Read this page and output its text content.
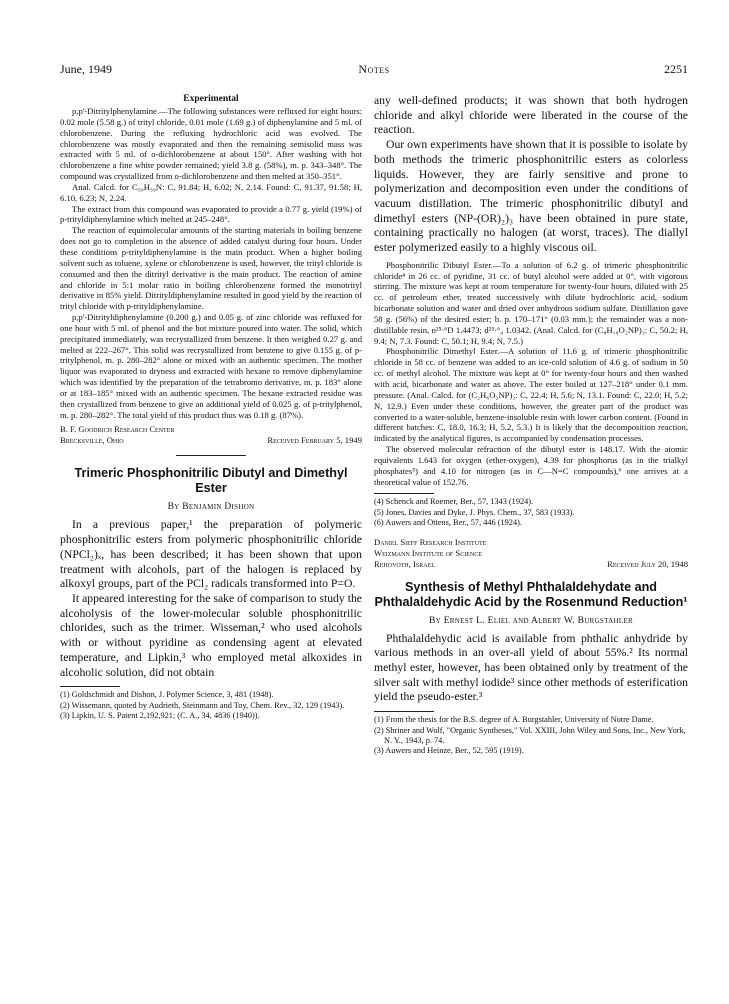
June, 1949	Notes	2251
Experimental

p,p'-Ditritylphenylamine.—The following substances were refluxed for eight hours: 0.02 mole (5.58 g.) of trityl chloride, 0.01 mole (1.69 g.) of diphenylamine and 5 ml. of chlorobenzene. During the refluxing hydrochloric acid was evolved. The chlorobenzene was mostly evaporated and then the remaining semisolid mass was extracted with 5 ml. of o-dichlorobenzene at about 150°. After washing with hot chlorobenzene a fine white powder remained; yield 3.8 g. (58%), m. p. 343–348°. The compound was crystallized from o-dichlorobenzene and then melted at 350–351°.

Anal. Calcd. for C₅₀H₃₉N: C, 91.84; H, 6.02; N, 2.14. Found: C, 91.37, 91.58; H, 6.10, 6.23; N, 2.24.

The extract from this compound was evaporated to provide a 0.77 g. yield (19%) of p-trityldiphenylamine which melted at 245–248°.

The reaction of equimolecular amounts of the starting materials in boiling benzene does not go to completion in the absence of added catalyst during four hours. Under these conditions p-trityldiphenylamine is the main product. When a higher boiling solvent such as toluene, xylene or chlorobenzene is used, however, the trityl chloride is consumed and then the ditrityl derivative is the main product. The reaction of amine and chloride in 5:1 molar ratio in boiling chlorobenzene formed the monotrityl derivative in 85% yield. Ditrityldiphenylamine resulted in good yield by the reaction of trityl chloride with p-trityldiphenylamine.

p,p'-Ditrityldiphenylamine (0.200 g.) and 0.05 g. of zinc chloride was refluxed for one hour with 5 ml. of phenol and the hot mixture poured into water. The solid, which precipitated immediately, was recrystallized from benzene. It then weighed 0.27 g. and melted at 222–267°. This solid was recrystallized from benzene to give 0.155 g. of p-tritylphenol, m. p. 280–282° alone or mixed with an authentic specimen. The mother liquor was evaporated to dryness and extracted with hexane to remove diphenylamine which was identified by the preparation of the tetrabromo derivative, m. p. 183° alone or at 183–185° mixed with an authentic specimen. The hexane extracted residue was then crystallized from benzene to give an additional yield of 0.025 g. of p-tritylphenol, m. p. 280–282°. The total yield of this product thus was 0.18 g. (87%).

B. F. Goodrich Research Center
Brecksville, Ohio	Received February 5, 1949
Trimeric Phosphonitrilic Dibutyl and Dimethyl Ester
By Benjamin Dishon

In a previous paper,¹ the preparation of polymeric phosphonitrilic esters from polymeric phosphonitrilic chloride (NPCl₂)ₓ, has been described; it has been shown that upon treatment with alcohols, part of the halogen is replaced by alkoxyl groups, part of the PCl₂ radicals transformed into P=O.

It appeared interesting for the sake of comparison to study the alcoholysis of the lower-molecular soluble phosphonitrilic chlorides, such as the trimer. Wisseman,² who used alcohols with or without pyridine as condensing agent at elevated temperature, and Lipkin,³ who employed metal alkoxides in alcoholic solution, did not obtain

(1) Goldschmidt and Dishon, J. Polymer Science, 3, 481 (1948).

(2) Wissemann, quoted by Audrieth, Steinmann and Toy, Chem. Rev., 32, 129 (1943).

(3) Lipkin, U. S. Patent 2,192,921; (C. A., 34, 4836 (1940)).

any well-defined products; it was shown that both hydrogen chloride and alkyl chloride were liberated in the course of the reaction.

Our own experiments have shown that it is possible to isolate by both methods the trimeric phosphonitrilic esters as colorless liquids. However, they are fairly sensitive and prone to polymerization and decomposition even under the conditions of vacuum distillation. The trimeric phosphonitrilic dibutyl and dimethyl esters (NP-(OR)₂)₃ have been obtained in pure state, containing practically no halogen (at worst, traces). The diallyl ester polymerized easily to a highly viscous oil.

Phosphonitrilic Dibutyl Ester.—To a solution of 6.2 g. of trimeric phosphonitrilic chloride⁴ in 26 cc. of pyridine, 31 cc. of butyl alcohol were added at 0°, with vigorous stirring. The mixture was kept at room temperature for twenty-four hours, diluted with 25 cc. of petroleum ether, treated successively with dilute hydrochloric acid, sodium bicarbonate solution and water and dried over anhydrous sodium sulfate. Distillation gave 58 g. (56%) of the desired ester; b. p. 170–171° (0.03 mm.); the remainder was a non-distillable resin, n²⁵·⁶D 1.4473; d²⁵·⁶₄ 1.0342. (Anal. Calcd. for (C₈H₁₈O₂NP)₃: C, 50.2; H, 9.4; N, 7.3. Found: C, 50.1; H, 9.4; N, 7.5.)

Phosphonitrilic Dimethyl Ester.—A solution of 11.6 g. of trimeric phosphonitrilic chloride in 58 cc. of benzene was added to an ice-cold solution of 4.6 g. of sodium in 50 cc. of methyl alcohol. The mixture was kept at 0° for twenty-four hours and then washed with acid, bicarbonate and water as above. The ester boiled at 127–218° under 0.1 mm. pressure. (Anal. Calcd. for (C₂H₆O₂NP)₃: C, 22.4; H, 5.6; N, 13.1. Found: C, 22.0; H, 5.2; N, 12.9.) Even under these conditions, however, the greater part of the product was converted to a water-soluble, benzene-insoluble resin with lower carbon content. (Found in different batches: C, 18.0, 16.3; H, 5.2, 5.3.) It is likely that the decomposition reaction, indicated by the analytical figures, is accompanied by condensation processes.

The observed molecular refraction of the dibutyl ester is 148.17. With the atomic equivalents 1.643 for oxygen (ether-oxygen), 4.39 for phosphorus (as in the trialkyl phosphates⁵) and 4.10 for nitrogen (as in C—N=C compounds),⁶ one arrives at a theoretical value of 152.76.

(4) Schenck and Roemer, Ber., 57, 1343 (1924).

(5) Jones, Davies and Dyke, J. Phys. Chem., 37, 583 (1933).

(6) Auwers and Ottens, Ber., 57, 446 (1924).

Daniel Sieff Research Institute
Weizmann Institute of Science
Rehovoth, Israel	Received July 20, 1948
Synthesis of Methyl Phthalaldehydate and Phthalaldehydic Acid by the Rosenmund Reduction¹
By Ernest L. Eliel and Albert W. Burgstahler

Phthalaldehydic acid is available from phthalic anhydride by various methods in an over-all yield of about 55%.² Its normal methyl ester, however, has been obtained only by treatment of the silver salt with methyl iodide³ since other methods of esterification yield the pseudo-ester.³

(1) From the thesis for the B.S. degree of A. Burgstahler, University of Notre Dame.

(2) Shriner and Wolf, "Organic Syntheses," Vol. XXIII, John Wiley and Sons, Inc., New York, N. Y., 1943, p. 74.

(3) Auwers and Heinze, Ber., 52, 595 (1919).
